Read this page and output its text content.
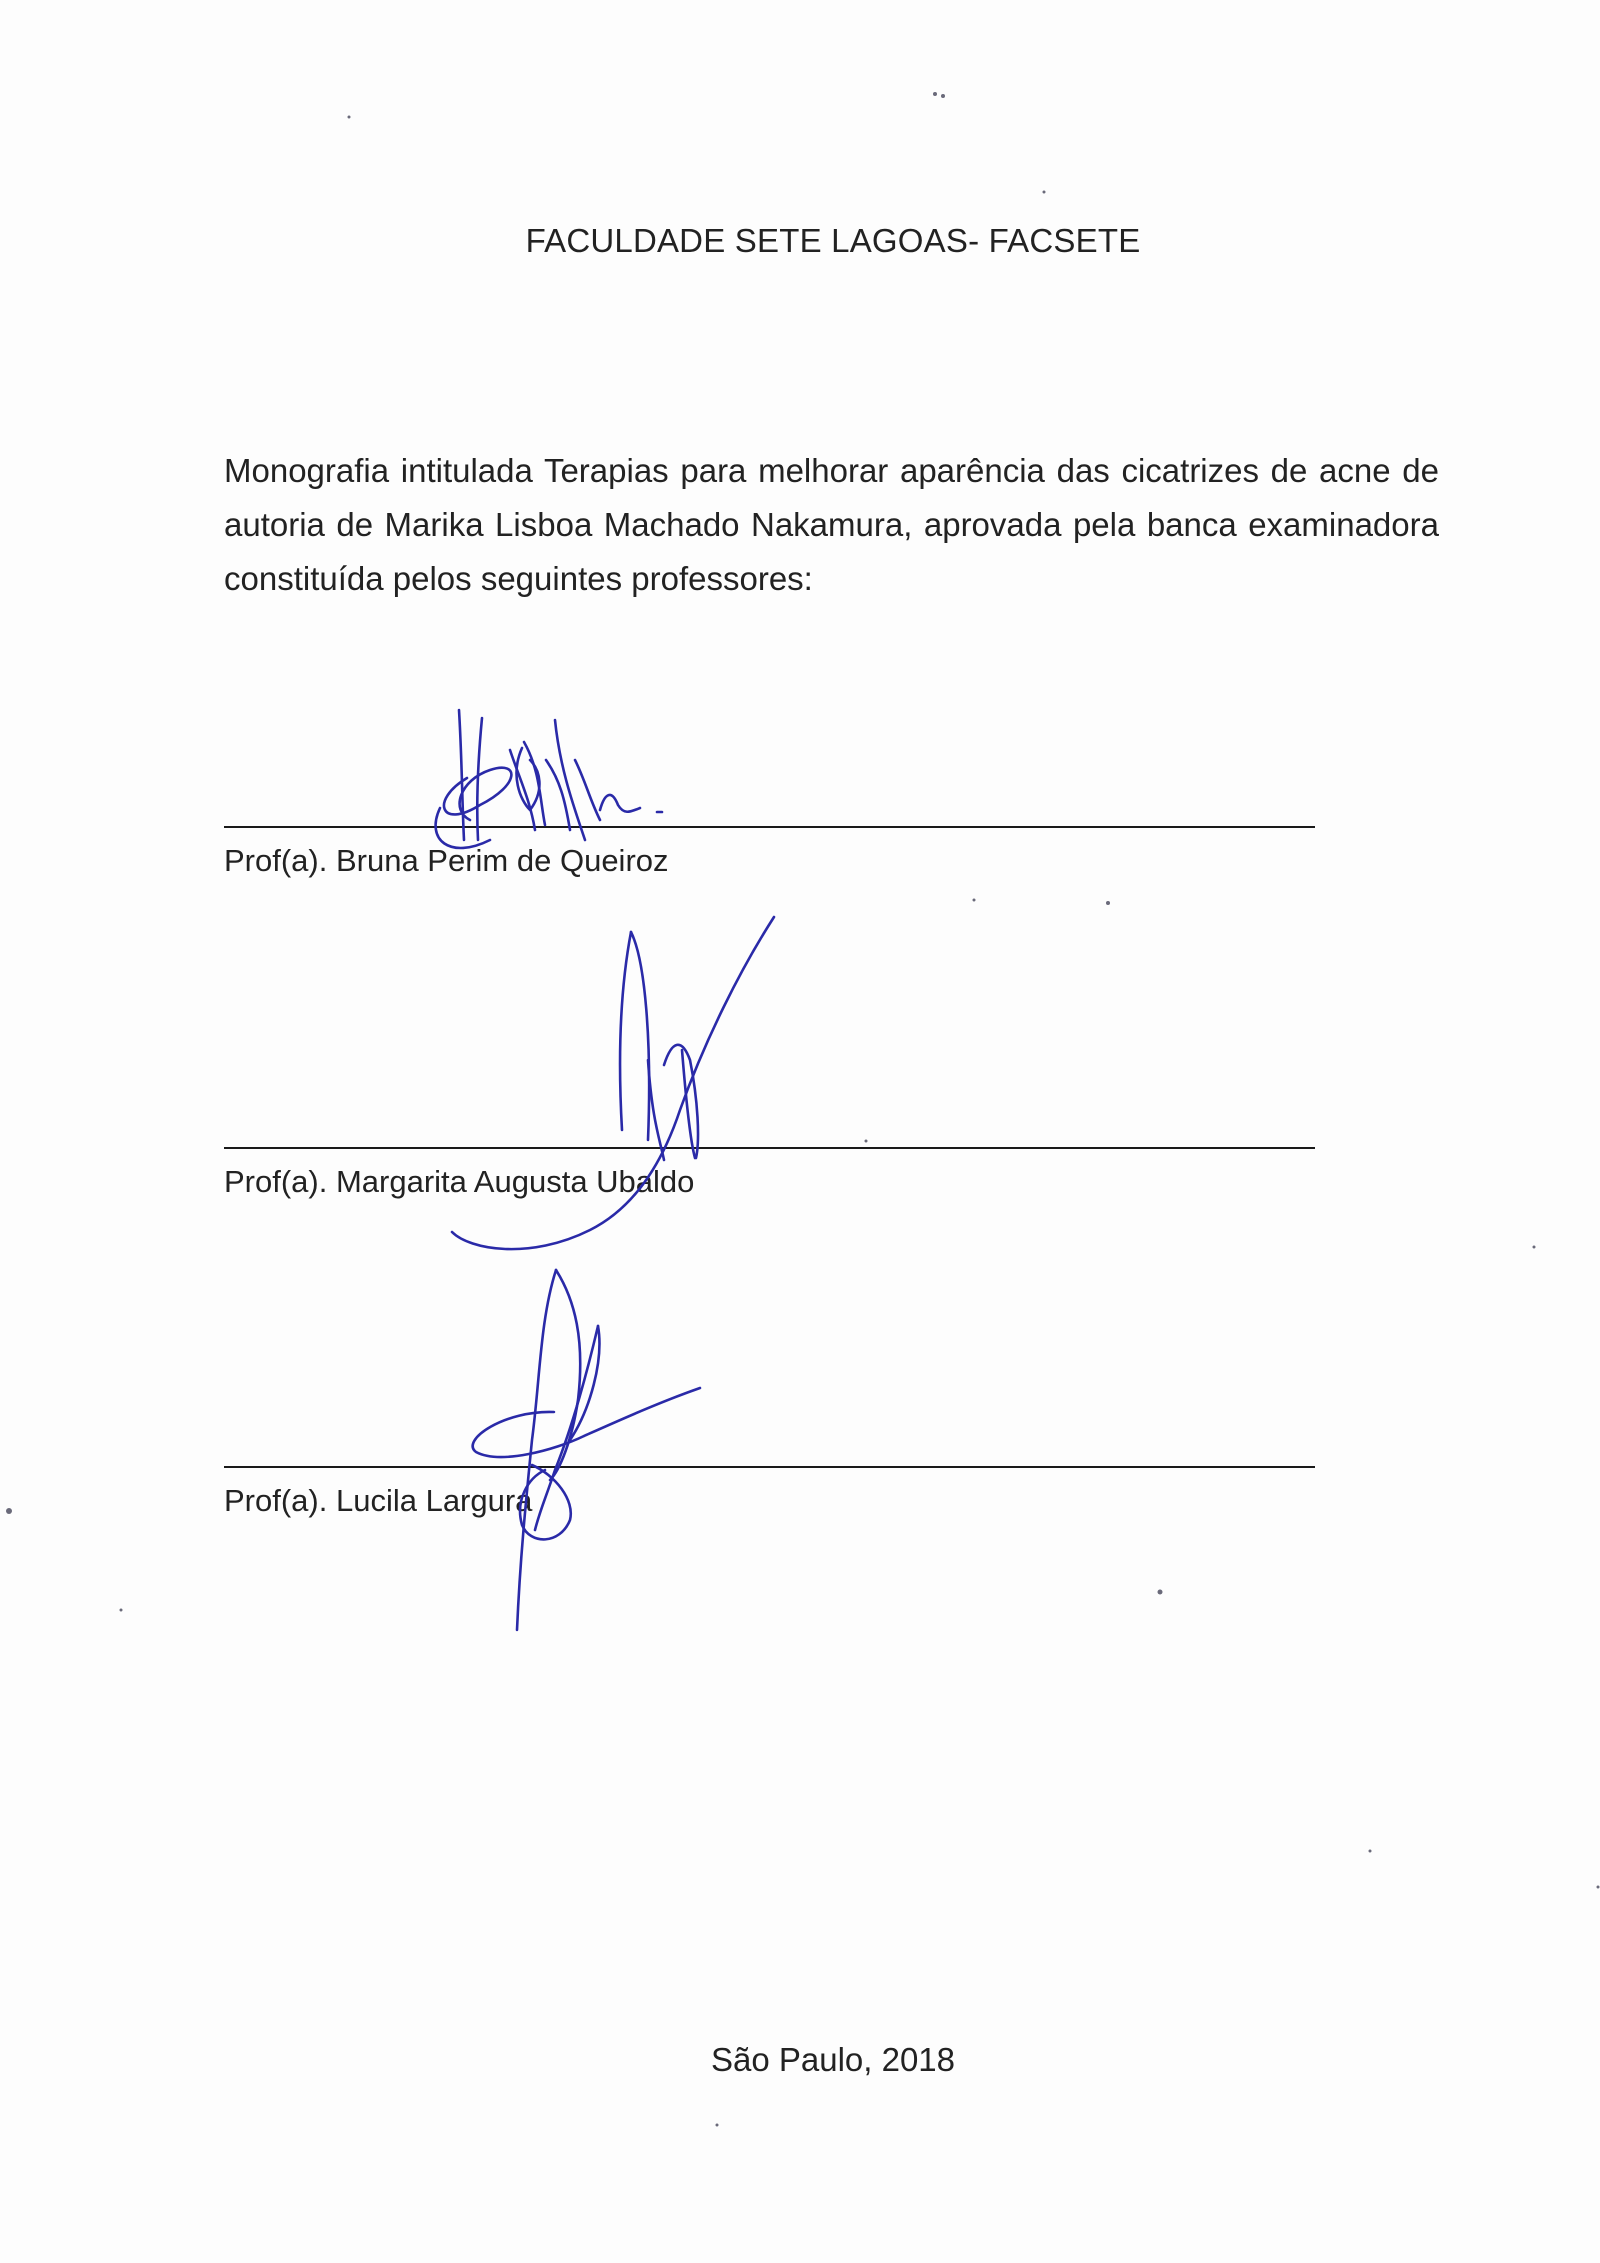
FACULDADE SETE LAGOAS- FACSETE

Monografia intitulada Terapias para melhorar aparência das cicatrizes de acne de autoria de Marika Lisboa Machado Nakamura, aprovada pela banca examinadora constituída pelos seguintes professores:

Prof(a). Bruna Perim de Queiroz
Prof(a). Margarita Augusta Ubaldo
Prof(a). Lucila Largura

São Paulo, 2018
